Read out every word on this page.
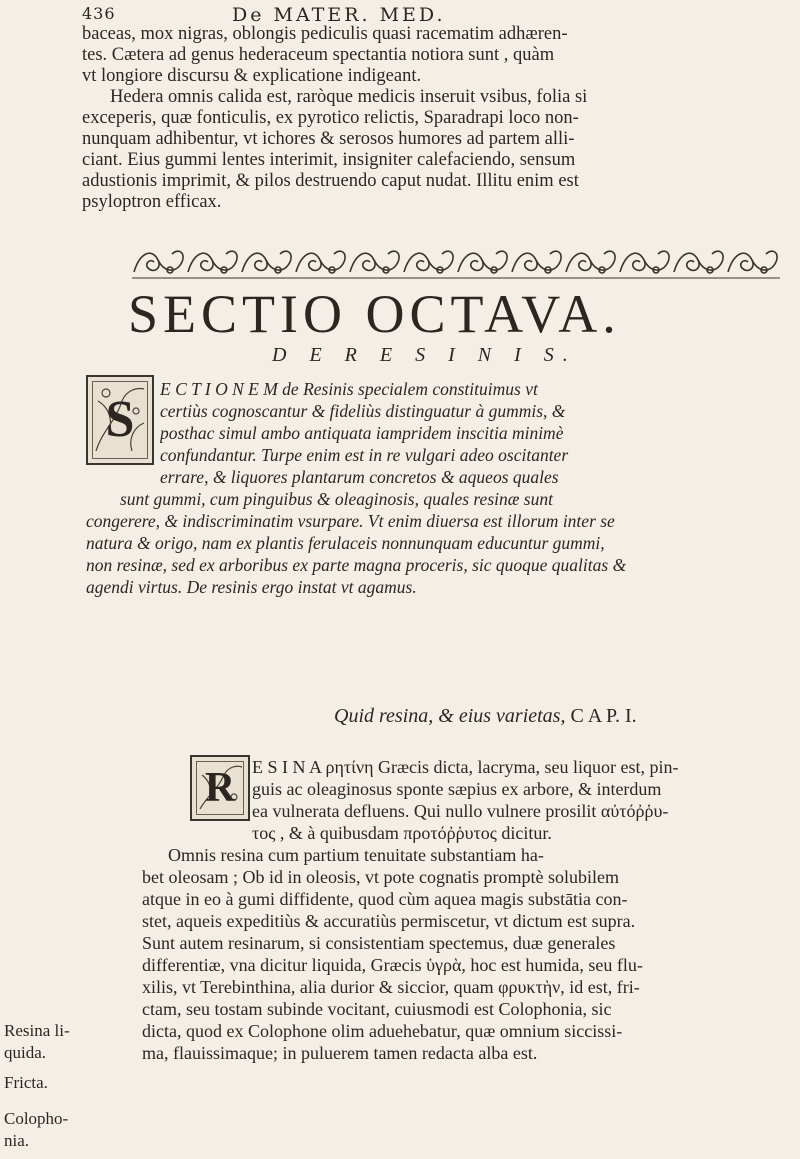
436	De MATER. MED.
baceas, mox nigras, oblongis pediculis quasi racematim adhæren-
tes. Cætera ad genus hederaceum spectantia notiora sunt , quàm
vt longiore discursu & explicatione indigeant.
Hedera omnis calida est, raròque medicis inseruit vsibus, folia si
exceperis, quæ fonticulis, ex pyrotico relictis, Sparadrapi loco non-
nunquam adhibentur, vt ichores & serosos humores ad partem alli-
ciant. Eius gummi lentes interimit, insigniter calefaciendo, sensum
adustionis imprimit, & pilos destruendo caput nudat. Illitu enim est
psyloptron efficax.
SECTIO OCTAVA.
D E R E S I N I S.
S
E C T I O N E M de Resinis specialem constituimus vt
certiùs cognoscantur & fideliùs distinguatur à gummis, &
posthac simul ambo antiquata iampridem inscitia minimè
confundantur. Turpe enim est in re vulgari adeo oscitanter
errare, & liquores plantarum concretos & aqueos quales
sunt gummi, cum pinguibus & oleaginosis, quales resinæ sunt
congerere, & indiscriminatim vsurpare. Vt enim diuersa est illorum inter se
natura & origo, nam ex plantis ferulaceis nonnunquam educuntur gummi,
non resinæ, sed ex arboribus ex parte magna proceris, sic quoque qualitas &
agendi virtus. De resinis ergo instat vt agamus.
Quid resina, & eius varietas, C A P. I.
R E S I N A ρητίνη Græcis dicta, lacryma, seu liquor est, pin-
guis ac oleaginosus sponte sæpius ex arbore, & interdum
ea vulnerata defluens. Qui nullo vulnere prosilit αὐτόῤῥυ-
τος , & à quibusdam προτόῤῥυτος dicitur.
Omnis resina cum partium tenuitate substantiam ha-
bet oleosam ; Ob id in oleosis, vt pote cognatis promptè solubilem
atque in eo à gumi diffidente, quod cùm aquea magis substātia con-
stet, aqueis expeditiùs & accuratiùs permiscetur, vt dictum est supra.
Sunt autem resinarum, si consistentiam spectemus, duæ generales
differentiæ, vna dicitur liquida, Græcis ὑγρὰ, hoc est humida, seu flu-
xilis, vt Terebinthina, alia durior & siccior, quam φρυκτὴν, id est, fri-
ctam, seu tostam subinde vocitant, cuiusmodi est Colophonia, sic
dicta, quod ex Colophone olim aduehebatur, quæ omnium siccissi-
ma, flauissimaque; in puluerem tamen redacta alba est.
Resina li-
quida.
Fricta.
Colopho-
nia.
